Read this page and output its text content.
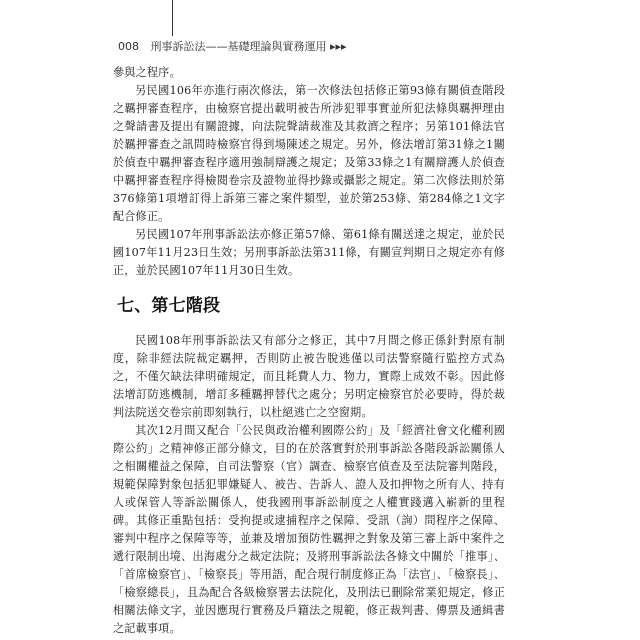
008 刑事訴訟法——基礎理論與實務運用 ▸▸▸

參與之程序。

另民國106年亦進行兩次修法，第一次修法包括修正第93條有關偵查階段之羈押審查程序，由檢察官提出載明被告所涉犯罪事實並所犯法條與羈押理由之聲請書及提出有關證據，向法院聲請裁准及其救濟之程序；另第101條法官於羈押審查之訊問時檢察官得到場陳述之規定。另外，修法增訂第31條之1關於偵查中羈押審查程序適用強制辯護之規定；及第33條之1有關辯護人於偵查中羈押審查程序得檢閱卷宗及證物並得抄錄或攝影之規定。第二次修法則於第376條第1項增訂得上訴第三審之案件類型，並於第253條、第284條之1文字配合修正。

另民國107年刑事訴訟法亦修正第57條、第61條有關送達之規定，並於民國107年11月23日生效；另刑事訴訟法第311條，有關宣判期日之規定亦有修正，並於民國107年11月30日生效。

七、第七階段

民國108年刑事訴訟法又有部分之修正，其中7月間之修正係針對原有制度，除非經法院裁定羈押，否則防止被告脫逃僅以司法警察隨行監控方式為之，不僅欠缺法律明確規定，而且耗費人力、物力，實際上成效不彰。因此修法增訂防逃機制，增訂多種羈押替代之處分；另明定檢察官於必要時，得於裁判法院送交卷宗前即刻執行，以杜絕逃亡之空窗期。

其次12月間又配合「公民與政治權利國際公約」及「經濟社會文化權利國際公約」之精神修正部分條文，目的在於落實對於刑事訴訟各階段訴訟關係人之相關權益之保障，自司法警察（官）調查、檢察官偵查及至法院審判階段，規範保障對象包括犯罪嫌疑人、被告、告訴人、證人及扣押物之所有人、持有人或保管人等訴訟關係人，使我國刑事訴訟制度之人權實踐邁入嶄新的里程碑。其修正重點包括：受拘提或逮捕程序之保障、受訊（詢）問程序之保障、審判中程序之保障等等，並兼及增加預防性羈押之對象及第三審上訴中案件之遞行限制出境、出海處分之裁定法院；及將刑事訴訟法各條文中關於「推事」、「首席檢察官」、「檢察長」等用語，配合現行制度修正為「法官」、「檢察長」、「檢察總長」，且為配合各級檢察署去法院化，及刑法已刪除常業犯規定，修正相關法條文字，並因應現行實務及戶籍法之規範，修正裁判書、傳票及通緝書之記載事項。
